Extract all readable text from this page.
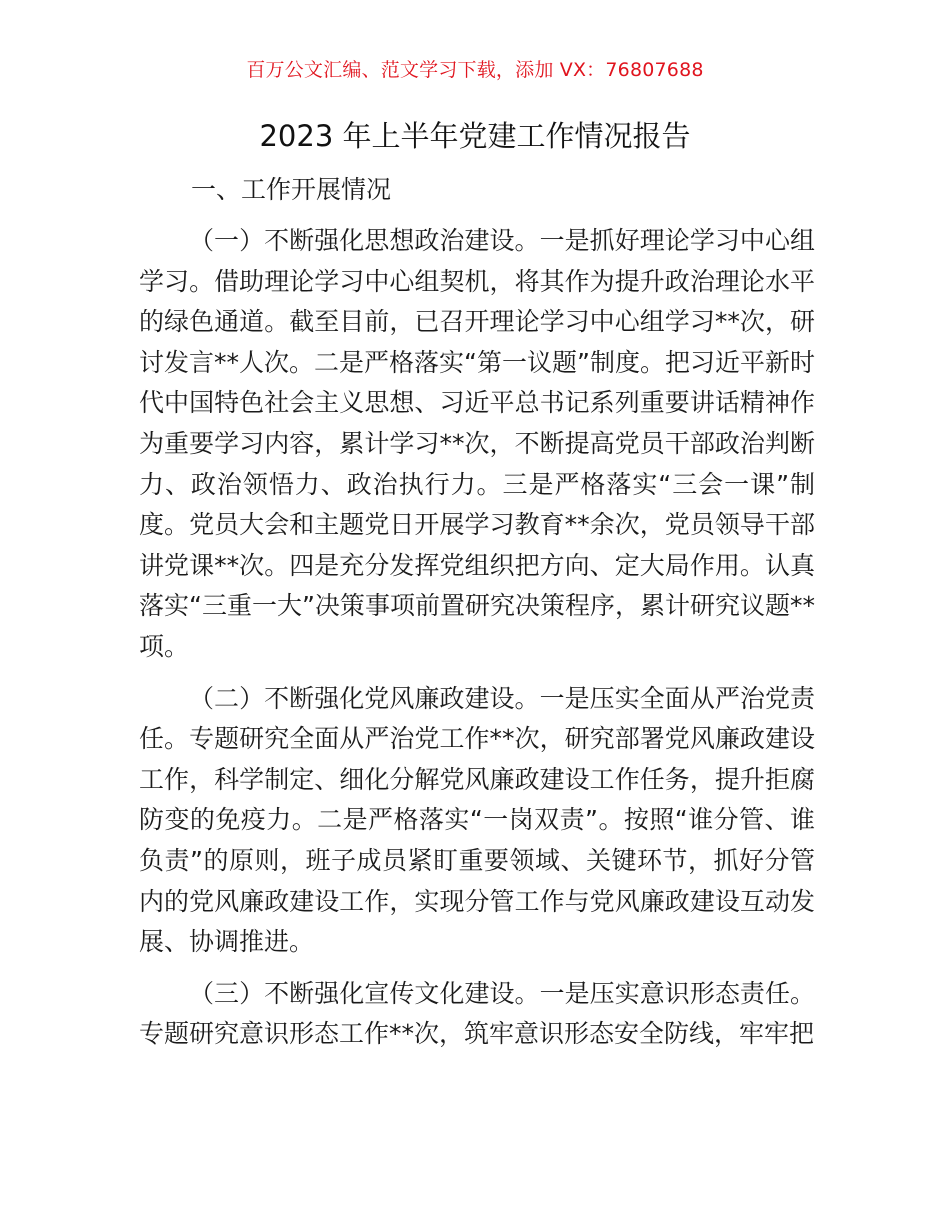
百万公文汇编、范文学习下载，添加 VX：76807688
2023 年上半年党建工作情况报告

一、工作开展情况

（一）不断强化思想政治建设。一是抓好理论学习中心组学习。借助理论学习中心组契机，将其作为提升政治理论水平的绿色通道。截至目前，已召开理论学习中心组学习**次，研讨发言**人次。二是严格落实“第一议题”制度。把习近平新时代中国特色社会主义思想、习近平总书记系列重要讲话精神作为重要学习内容，累计学习**次，不断提高党员干部政治判断力、政治领悟力、政治执行力。三是严格落实“三会一课”制度。党员大会和主题党日开展学习教育**余次，党员领导干部讲党课**次。四是充分发挥党组织把方向、定大局作用。认真落实“三重一大”决策事项前置研究决策程序，累计研究议题**项。

（二）不断强化党风廉政建设。一是压实全面从严治党责任。专题研究全面从严治党工作**次，研究部署党风廉政建设工作，科学制定、细化分解党风廉政建设工作任务，提升拒腐防变的免疫力。二是严格落实“一岗双责”。按照“谁分管、谁负责”的原则，班子成员紧盯重要领域、关键环节，抓好分管内的党风廉政建设工作，实现分管工作与党风廉政建设互动发展、协调推进。

（三）不断强化宣传文化建设。一是压实意识形态责任。专题研究意识形态工作**次，筑牢意识形态安全防线，牢牢把
